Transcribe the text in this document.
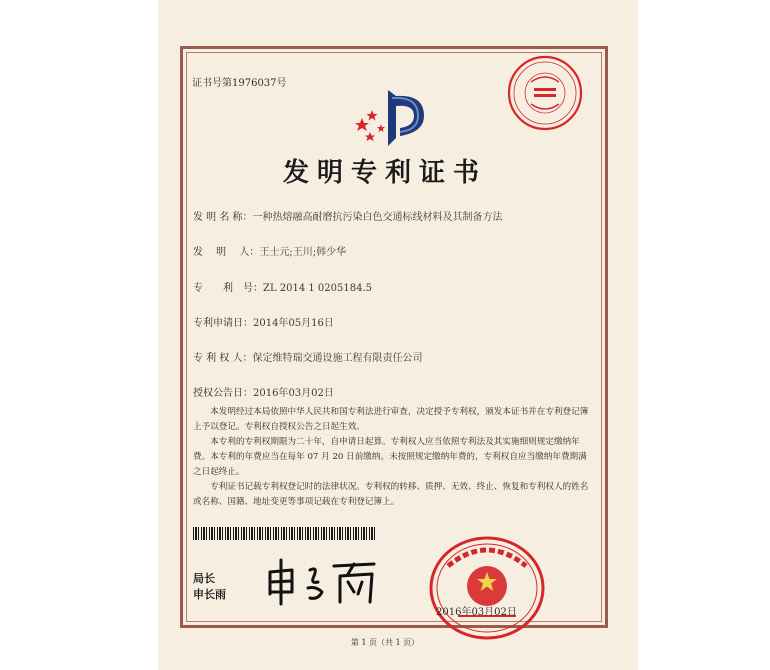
证书号第1976037号
发明专利证书
发 明 名 称：一种热熔融高耐磨抗污染白色交通标线材料及其制备方法
发　 明　 人：王士元;王川;韩少华
专　　利　号：ZL 2014 1 0205184.5
专利申请日：2014年05月16日
专 利 权 人：保定维特瑞交通设施工程有限责任公司
授权公告日：2016年03月02日

本发明经过本局依照中华人民共和国专利法进行审查，决定授予专利权，颁发本证书并在专利登记簿上予以登记。专利权自授权公告之日起生效。

本专利的专利权期限为二十年，自申请日起算。专利权人应当依照专利法及其实施细则规定缴纳年费。本专利的年费应当在每年 07 月 20 日前缴纳。未按照规定缴纳年费的，专利权自应当缴纳年费期满之日起终止。

专利证书记载专利权登记时的法律状况。专利权的转移、质押、无效、终止、恢复和专利权人的姓名或名称、国籍、地址变更等事项记载在专利登记簿上。

局长
申长雨
2016年03月02日
第 1 页（共 1 页）
